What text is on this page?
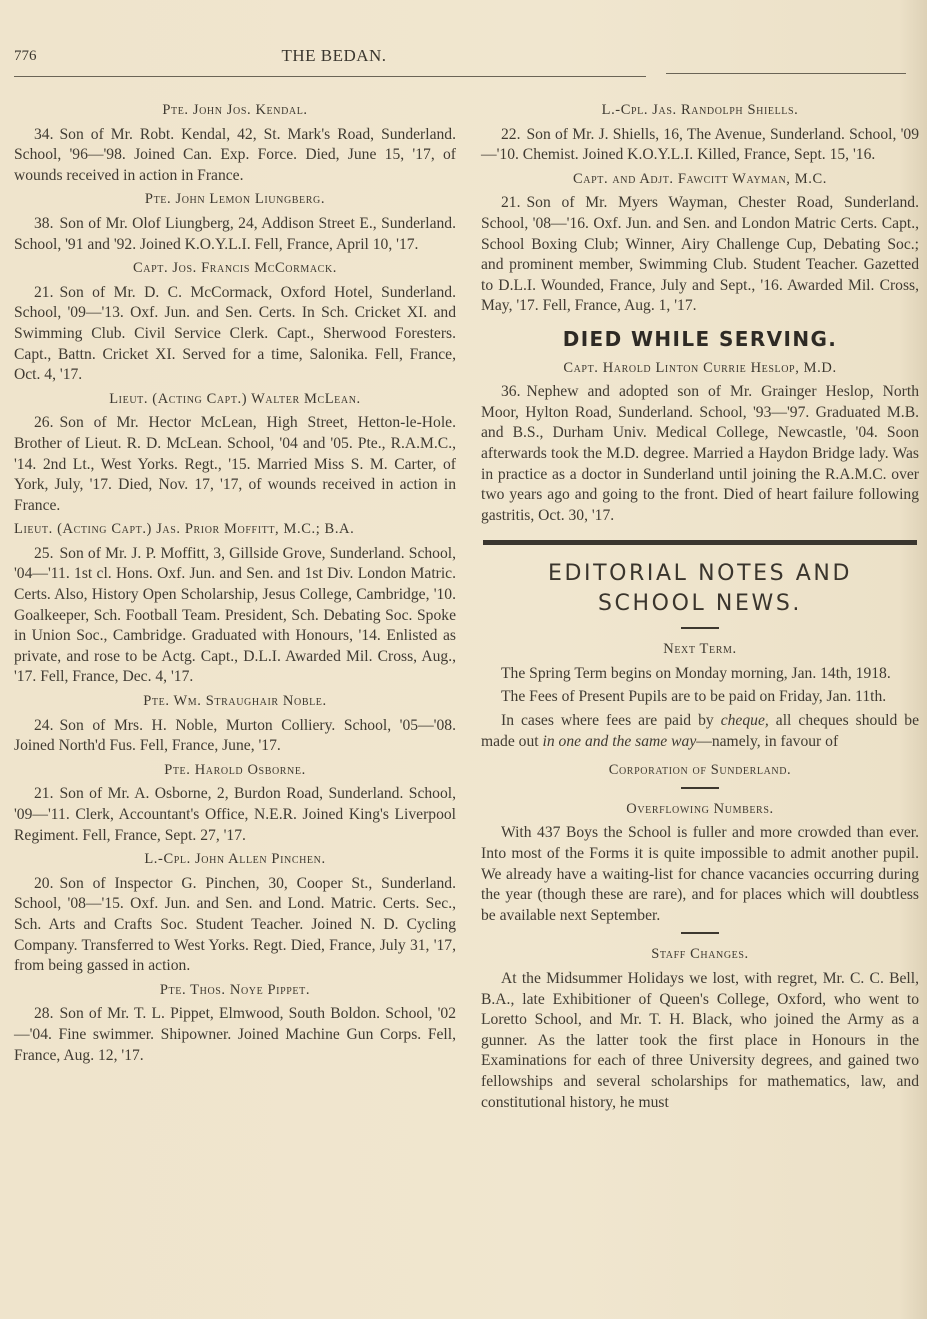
776	THE BEDAN.
Pte. John Jos. Kendal.

34. Son of Mr. Robt. Kendal, 42, St. Mark's Road, Sunderland. School, '96—'98. Joined Can. Exp. Force. Died, June 15, '17, of wounds received in action in France.

Pte. John Lemon Liungberg.

38. Son of Mr. Olof Liungberg, 24, Addison Street E., Sunderland. School, '91 and '92. Joined K.O.Y.L.I. Fell, France, April 10, '17.

Capt. Jos. Francis McCormack.

21. Son of Mr. D. C. McCormack, Oxford Hotel, Sunderland. School, '09—'13. Oxf. Jun. and Sen. Certs. In Sch. Cricket XI. and Swimming Club. Civil Service Clerk. Capt., Sherwood Foresters. Capt., Battn. Cricket XI. Served for a time, Salonika. Fell, France, Oct. 4, '17.

Lieut. (Acting Capt.) Walter McLean.

26. Son of Mr. Hector McLean, High Street, Hetton-le-Hole. Brother of Lieut. R. D. McLean. School, '04 and '05. Pte., R.A.M.C., '14. 2nd Lt., West Yorks. Regt., '15. Married Miss S. M. Carter, of York, July, '17. Died, Nov. 17, '17, of wounds received in action in France.

Lieut. (Acting Capt.) Jas. Prior Moffitt, M.C.; B.A.

25. Son of Mr. J. P. Moffitt, 3, Gillside Grove, Sunderland. School, '04—'11. 1st cl. Hons. Oxf. Jun. and Sen. and 1st Div. London Matric. Certs. Also, History Open Scholarship, Jesus College, Cambridge, '10. Goalkeeper, Sch. Football Team. President, Sch. Debating Soc. Spoke in Union Soc., Cambridge. Graduated with Honours, '14. Enlisted as private, and rose to be Actg. Capt., D.L.I. Awarded Mil. Cross, Aug., '17. Fell, France, Dec. 4, '17.

Pte. Wm. Straughair Noble.

24. Son of Mrs. H. Noble, Murton Colliery. School, '05—'08. Joined North'd Fus. Fell, France, June, '17.

Pte. Harold Osborne.

21. Son of Mr. A. Osborne, 2, Burdon Road, Sunderland. School, '09—'11. Clerk, Accountant's Office, N.E.R. Joined King's Liverpool Regiment. Fell, France, Sept. 27, '17.

L.-Cpl. John Allen Pinchen.

20. Son of Inspector G. Pinchen, 30, Cooper St., Sunderland. School, '08—'15. Oxf. Jun. and Sen. and Lond. Matric. Certs. Sec., Sch. Arts and Crafts Soc. Student Teacher. Joined N. D. Cycling Company. Transferred to West Yorks. Regt. Died, France, July 31, '17, from being gassed in action.

Pte. Thos. Noye Pippet.

28. Son of Mr. T. L. Pippet, Elmwood, South Boldon. School, '02—'04. Fine swimmer. Shipowner. Joined Machine Gun Corps. Fell, France, Aug. 12, '17.

L.-Cpl. Jas. Randolph Shiells.

22. Son of Mr. J. Shiells, 16, The Avenue, Sunderland. School, '09—'10. Chemist. Joined K.O.Y.L.I. Killed, France, Sept. 15, '16.

Capt. and Adjt. Fawcitt Wayman, M.C.

21. Son of Mr. Myers Wayman, Chester Road, Sunderland. School, '08—'16. Oxf. Jun. and Sen. and London Matric Certs. Capt., School Boxing Club; Winner, Airy Challenge Cup, Debating Soc.; and prominent member, Swimming Club. Student Teacher. Gazetted to D.L.I. Wounded, France, July and Sept., '16. Awarded Mil. Cross, May, '17. Fell, France, Aug. 1, '17.

DIED WHILE SERVING.
Capt. Harold Linton Currie Heslop, M.D.

36. Nephew and adopted son of Mr. Grainger Heslop, North Moor, Hylton Road, Sunderland. School, '93—'97. Graduated M.B. and B.S., Durham Univ. Medical College, Newcastle, '04. Soon afterwards took the M.D. degree. Married a Haydon Bridge lady. Was in practice as a doctor in Sunderland until joining the R.A.M.C. over two years ago and going to the front. Died of heart failure following gastritis, Oct. 30, '17.

EDITORIAL NOTES AND
SCHOOL NEWS.
Next Term.

The Spring Term begins on Monday morning, Jan. 14th, 1918.

The Fees of Present Pupils are to be paid on Friday, Jan. 11th.

In cases where fees are paid by cheque, all cheques should be made out in one and the same way—namely, in favour of

Corporation of Sunderland.
Overflowing Numbers.

With 437 Boys the School is fuller and more crowded than ever. Into most of the Forms it is quite impossible to admit another pupil. We already have a waiting-list for chance vacancies occurring during the year (though these are rare), and for places which will doubtless be available next September.

Staff Changes.

At the Midsummer Holidays we lost, with regret, Mr. C. C. Bell, B.A., late Exhibitioner of Queen's College, Oxford, who went to Loretto School, and Mr. T. H. Black, who joined the Army as a gunner. As the latter took the first place in Honours in the Examinations for each of three University degrees, and gained two fellowships and several scholarships for mathematics, law, and constitutional history, he must
